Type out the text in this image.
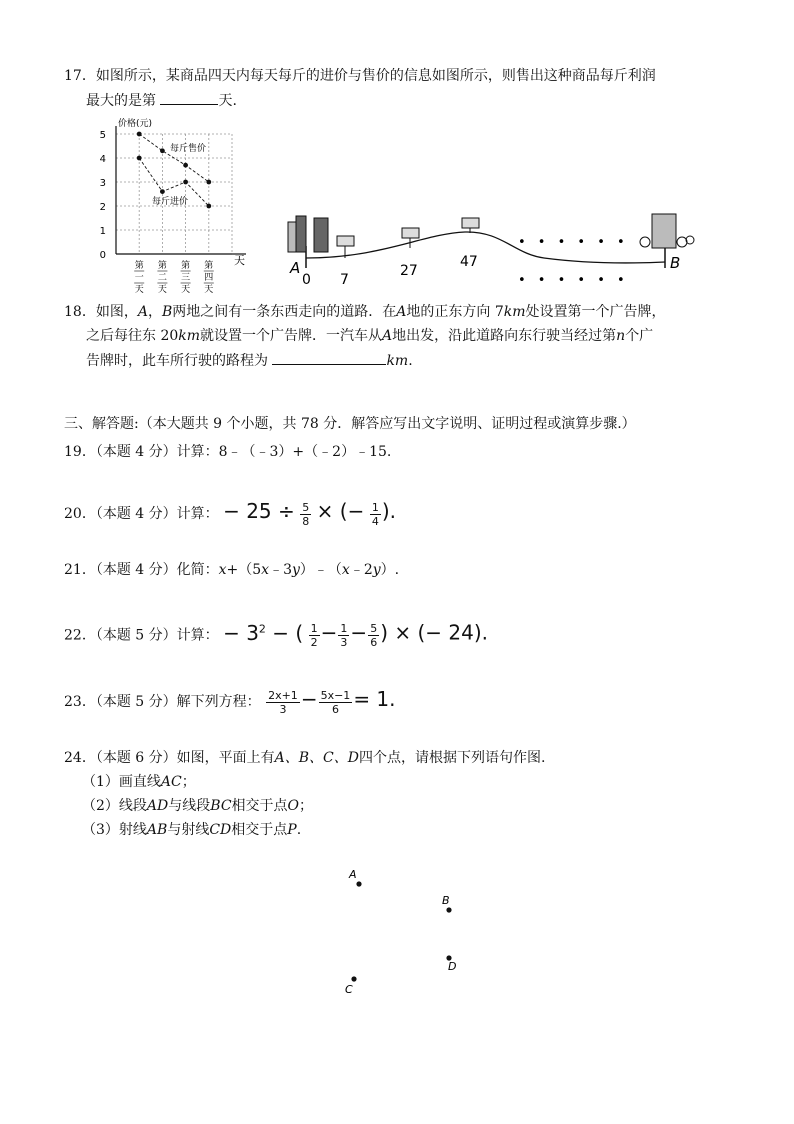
17．如图所示，某商品四天内每天每斤的进价与售价的信息如图所示，则售出这种商品每斤利润
最大的是第	天.
0
1
2
3
4
5
第
一
天
第
二
天
第
三
天
第
四
天
价格(元)
天
每斤售价
每斤进价
A	B
0 7
27
47
• • • • • •
• • • • • •
18．如图，A，B两地之间有一条东西走向的道路．在A地的正东方向 7km处设置第一个广告牌，
之后每往东 20km就设置一个广告牌．一汽车从A地出发，沿此道路向东行驶当经过第n个广
告牌时，此车所行驶的路程为	km.
三、解答题:（本大题共 9 个小题，共 78 分．解答应写出文字说明、证明过程或演算步骤.）
19．（本题 4 分）计算：8﹣（﹣3）+（﹣2）﹣15.
20．（本题 4 分）计算： − $25 \div \frac{5}{8}$ × (− $\frac{1}{4}$ ).
21．（本题 4 分）化简：x+（5x﹣3y）﹣（x﹣2y）.
22．（本题 5 分）计算： − $3^2$ − ( $\frac{1}{2} - \frac{1}{3} - \frac{5}{6}$ ) × (− 24).
23．（本题 5 分）解下列方程： $\frac{2x+1}{3} - \frac{5x-1}{6} = 1$.
24．（本题 6 分）如图，平面上有A、B、C、D四个点，请根据下列语句作图.
（1）画直线AC；
（2）线段AD与线段BC相交于点O；
（3）射线AB与射线CD相交于点P.
A
B
D
C
